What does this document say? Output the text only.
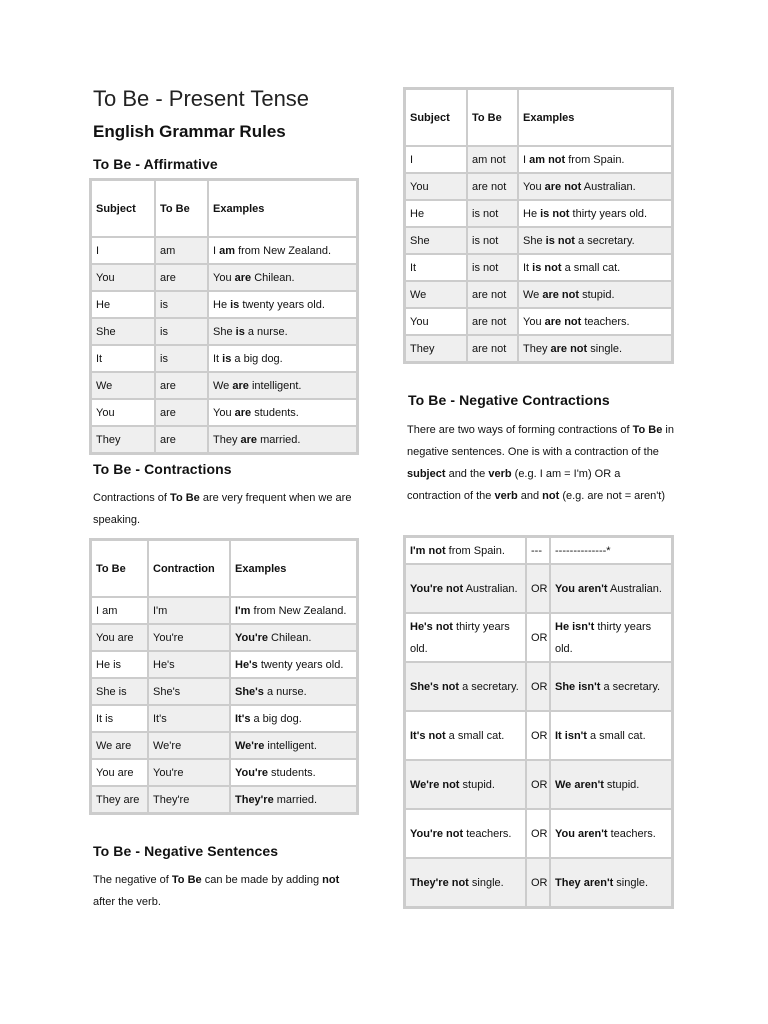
To Be - Present Tense
English Grammar Rules
To Be - Affirmative
Subject	To Be	Examples
I	am	I am from New Zealand.
You	are	You are Chilean.
He	is	He is twenty years old.
She	is	She is a nurse.
It	is	It is a big dog.
We	are	We are intelligent.
You	are	You are students.
They	are	They are married.
To Be - Contractions
Contractions of To Be are very frequent when we are speaking.
To Be	Contraction	Examples
I am	I'm	I'm from New Zealand.
You are	You're	You're Chilean.
He is	He's	He's twenty years old.
She is	She's	She's a nurse.
It is	It's	It's a big dog.
We are	We're	We're intelligent.
You are	You're	You're students.
They are	They're	They're married.
To Be - Negative Sentences
The negative of To Be can be made by adding not after the verb.
Subject	To Be	Examples
I	am not	I am not from Spain.
You	are not	You are not Australian.
He	is not	He is not thirty years old.
She	is not	She is not a secretary.
It	is not	It is not a small cat.
We	are not	We are not stupid.
You	are not	You are not teachers.
They	are not	They are not single.
To Be - Negative Contractions
There are two ways of forming contractions of To Be in negative sentences. One is with a contraction of the subject and the verb (e.g. I am = I'm) OR a contraction of the verb and not (e.g. are not = aren't)
I'm not from Spain.	---	--------------*
You're not Australian.	OR	You aren't Australian.
He's not thirty years old.	OR	He isn't thirty years old.
She's not a secretary.	OR	She isn't a secretary.
It's not a small cat.	OR	It isn't a small cat.
We're not stupid.	OR	We aren't stupid.
You're not teachers.	OR	You aren't teachers.
They're not single.	OR	They aren't single.
